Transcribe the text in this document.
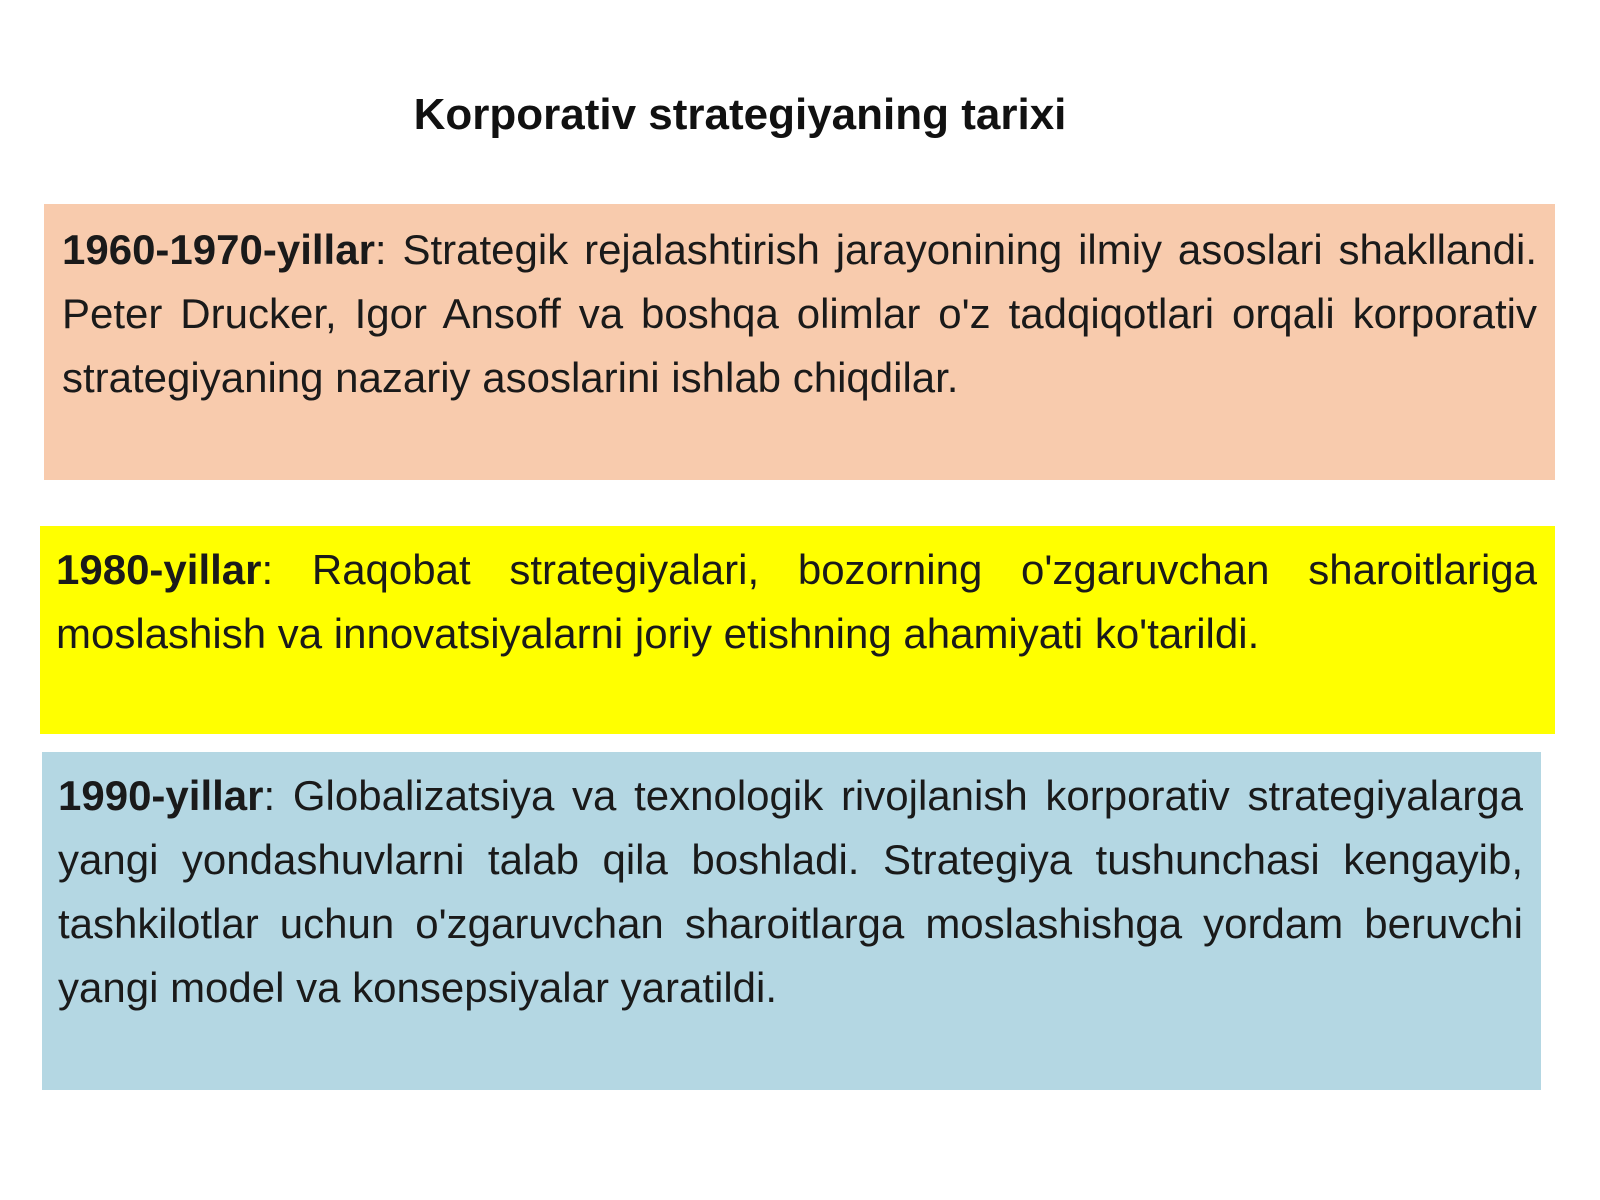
Korporativ strategiyaning tarixi
1960-1970-yillar: Strategik rejalashtirish jarayonining ilmiy asoslari shakllandi. Peter Drucker, Igor Ansoff va boshqa olimlar o'z tadqiqotlari orqali korporativ strategiyaning nazariy asoslarini ishlab chiqdilar.
1980-yillar: Raqobat strategiyalari, bozorning o'zgaruvchan sharoitlariga moslashish va innovatsiyalarni joriy etishning ahamiyati ko'tarildi.
1990-yillar: Globalizatsiya va texnologik rivojlanish korporativ strategiyalarga yangi yondashuvlarni talab qila boshladi. Strategiya tushunchasi kengayib, tashkilotlar uchun o'zgaruvchan sharoitlarga moslashishga yordam beruvchi yangi model va konsepsiyalar yaratildi.
